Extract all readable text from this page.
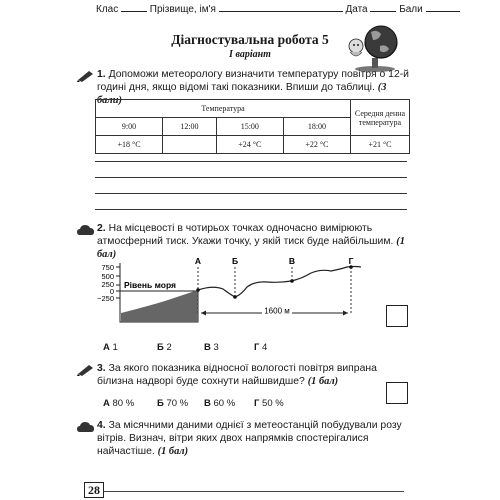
Клас	Прізвище, ім'я	Дата	Бали
Діагностувальна робота 5
I варіант
1. Допоможи метеорологу визначити температуру повітря о 12-й годині дня, якщо відомі такі показники. Впиши до таблиці. (3 бали)
Температура				Середня денна температура
9:00	12:00	15:00	18:00	
+18 °С		+24 °С	+22 °С	+21 °С
2. На місцевості в чотирьох точках одночасно вимірюють атмосферний тиск. Укажи точку, у якій тиск буде найбільшим. (1 бал)
750
500
250
0
−250
Рівень моря
А	Б	В	Г
1600 м
А 1	Б 2	В 3	Г 4
3. За якого показника відносної вологості повітря випрана білизна надворі буде сохнути найшвидше? (1 бал)
А 80 % Б 70 % В 60 % Г 50 %
4. За місячними даними однієї з метеостанцій побудували розу вітрів. Визнач, вітри яких двох напрямків спостерігалися найчастіше. (1 бал)
28
